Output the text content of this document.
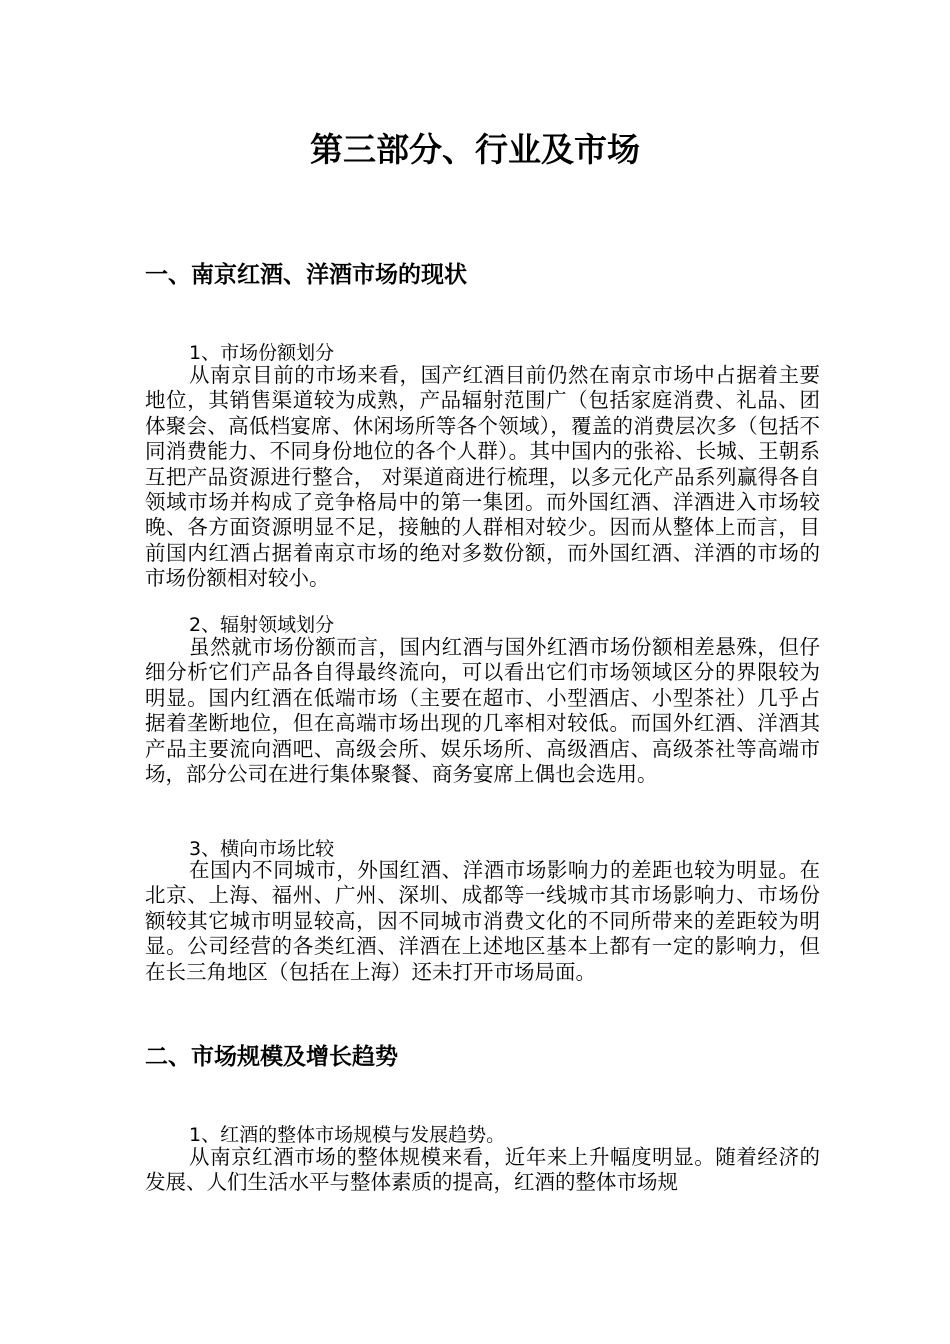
第三部分、行业及市场
一、南京红酒、洋酒市场的现状
1、市场份额划分
从南京目前的市场来看，国产红酒目前仍然在南京市场中占据着主要地位，其销售渠道较为成熟，产品辐射范围广（包括家庭消费、礼品、团体聚会、高低档宴席、休闲场所等各个领域），覆盖的消费层次多（包括不同消费能力、不同身份地位的各个人群）。其中国内的张裕、长城、王朝系互把产品资源进行整合， 对渠道商进行梳理，以多元化产品系列赢得各自领域市场并构成了竞争格局中的第一集团。而外国红酒、洋酒进入市场较晚、各方面资源明显不足，接触的人群相对较少。因而从整体上而言，目前国内红酒占据着南京市场的绝对多数份额，而外国红酒、洋酒的市场的市场份额相对较小。
2、辐射领域划分
虽然就市场份额而言，国内红酒与国外红酒市场份额相差悬殊，但仔细分析它们产品各自得最终流向，可以看出它们市场领域区分的界限较为明显。国内红酒在低端市场（主要在超市、小型酒店、小型茶社）几乎占据着垄断地位，但在高端市场出现的几率相对较低。而国外红酒、洋酒其产品主要流向酒吧、高级会所、娱乐场所、高级酒店、高级茶社等高端市场，部分公司在进行集体聚餐、商务宴席上偶也会选用。
3、横向市场比较
在国内不同城市，外国红酒、洋酒市场影响力的差距也较为明显。在北京、上海、福州、广州、深圳、成都等一线城市其市场影响力、市场份额较其它城市明显较高，因不同城市消费文化的不同所带来的差距较为明显。公司经营的各类红酒、洋酒在上述地区基本上都有一定的影响力，但在长三角地区（包括在上海）还未打开市场局面。
二、市场规模及增长趋势
1、红酒的整体市场规模与发展趋势。
从南京红酒市场的整体规模来看，近年来上升幅度明显。随着经济的发展、人们生活水平与整体素质的提高，红酒的整体市场规
